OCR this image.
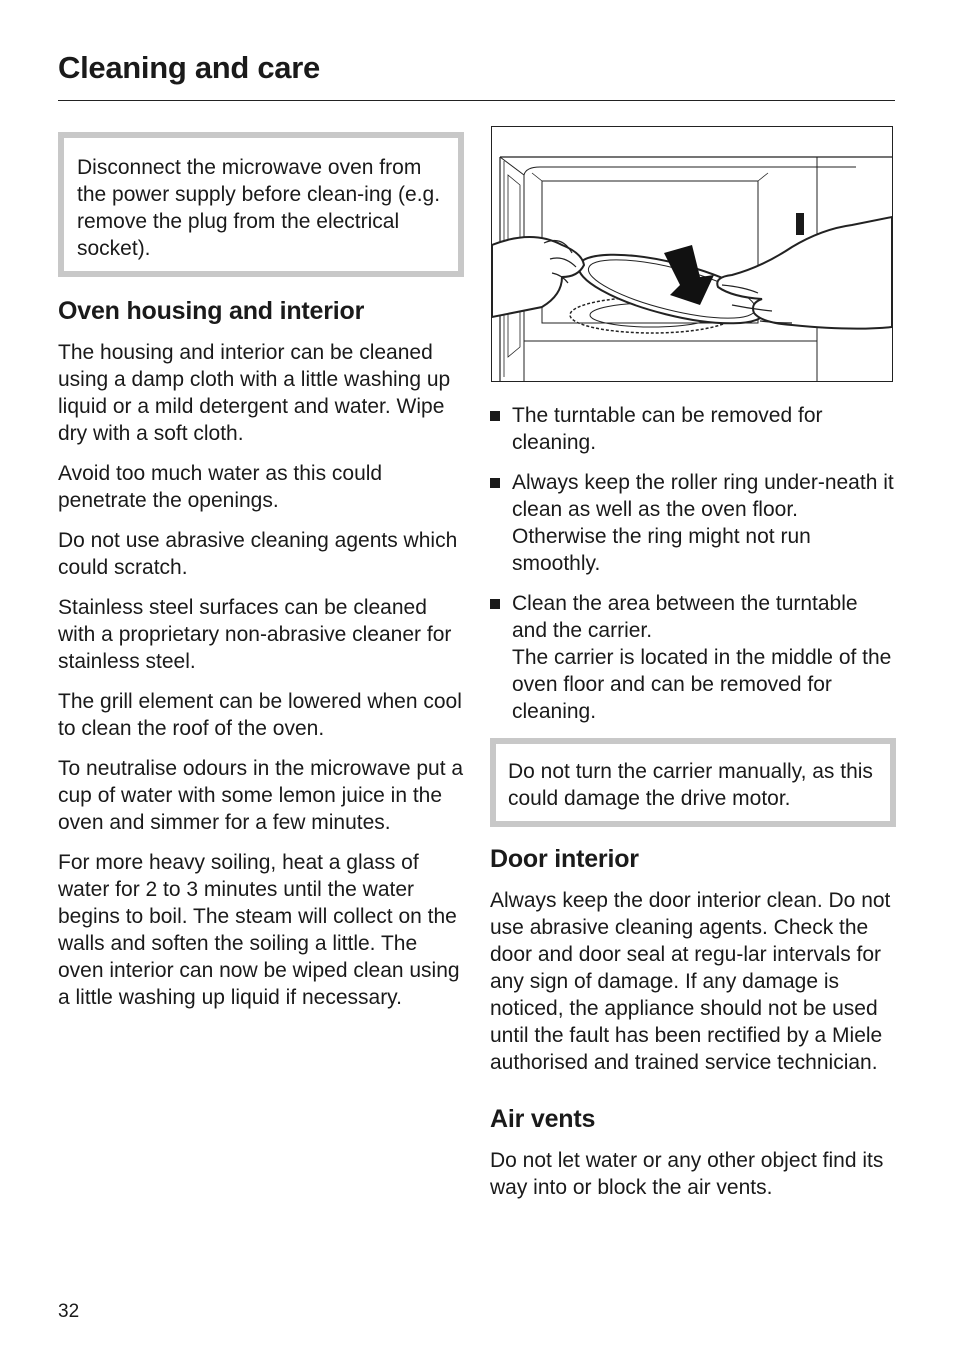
Cleaning and care
Disconnect the microwave oven from the power supply before clean-ing (e.g. remove the plug from the electrical socket).
Oven housing and interior

The housing and interior can be cleaned using a damp cloth with a little washing up liquid or a mild detergent and water. Wipe dry with a soft cloth.

Avoid too much water as this could penetrate the openings.

Do not use abrasive cleaning agents which could scratch.

Stainless steel surfaces can be cleaned with a proprietary non-abrasive cleaner for stainless steel.

The grill element can be lowered when cool to clean the roof of the oven.

To neutralise odours in the microwave put a cup of water with some lemon juice in the oven and simmer for a few minutes.

For more heavy soiling, heat a glass of water for 2 to 3 minutes until the water begins to boil. The steam will collect on the walls and soften the soiling a little. The oven interior can now be wiped clean using a little washing up liquid if necessary.

The turntable can be removed for cleaning.
Always keep the roller ring under-neath it clean as well as the oven floor. Otherwise the ring might not run smoothly.
Clean the area between the turntable and the carrier.
The carrier is located in the middle of the oven floor and can be removed for cleaning.
Do not turn the carrier manually, as this could damage the drive motor.
Door interior

Always keep the door interior clean. Do not use abrasive cleaning agents. Check the door and door seal at regu-lar intervals for any sign of damage. If any damage is noticed, the appliance should not be used until the fault has been rectified by a Miele authorised and trained service technician.

Air vents

Do not let water or any other object find its way into or block the air vents.

32
